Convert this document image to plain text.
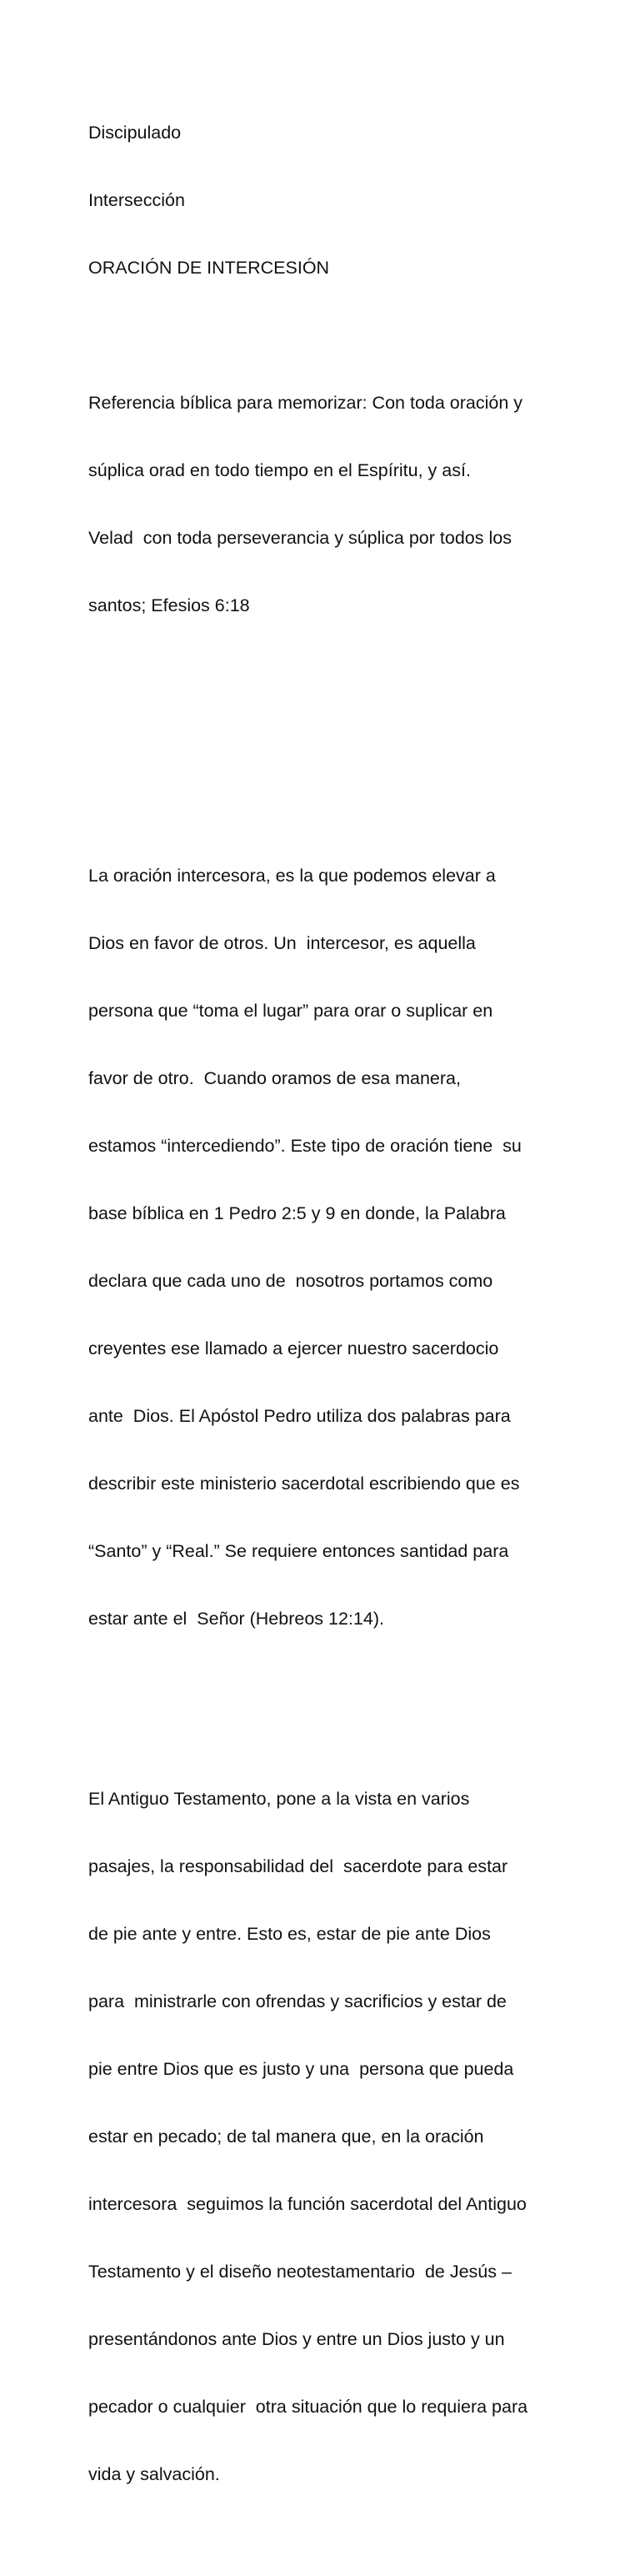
Discipulado

Intersección

ORACIÓN DE INTERCESIÓN

Referencia bíblica para memorizar: Con toda oración y

súplica orad en todo tiempo en el Espíritu, y así.

Velad  con toda perseverancia y súplica por todos los

santos; Efesios 6:18

La oración intercesora, es la que podemos elevar a

Dios en favor de otros. Un  intercesor, es aquella

persona que “toma el lugar” para orar o suplicar en

favor de otro.  Cuando oramos de esa manera,

estamos “intercediendo”. Este tipo de oración tiene  su

base bíblica en 1 Pedro 2:5 y 9 en donde, la Palabra

declara que cada uno de  nosotros portamos como

creyentes ese llamado a ejercer nuestro sacerdocio

ante  Dios. El Apóstol Pedro utiliza dos palabras para

describir este ministerio sacerdotal escribiendo que es

“Santo” y “Real.” Se requiere entonces santidad para

estar ante el  Señor (Hebreos 12:14).

El Antiguo Testamento, pone a la vista en varios

pasajes, la responsabilidad del  sacerdote para estar

de pie ante y entre. Esto es, estar de pie ante Dios

para  ministrarle con ofrendas y sacrificios y estar de

pie entre Dios que es justo y una  persona que pueda

estar en pecado; de tal manera que, en la oración

intercesora  seguimos la función sacerdotal del Antiguo

Testamento y el diseño neotestamentario  de Jesús –

presentándonos ante Dios y entre un Dios justo y un

pecador o cualquier  otra situación que lo requiera para

vida y salvación.
